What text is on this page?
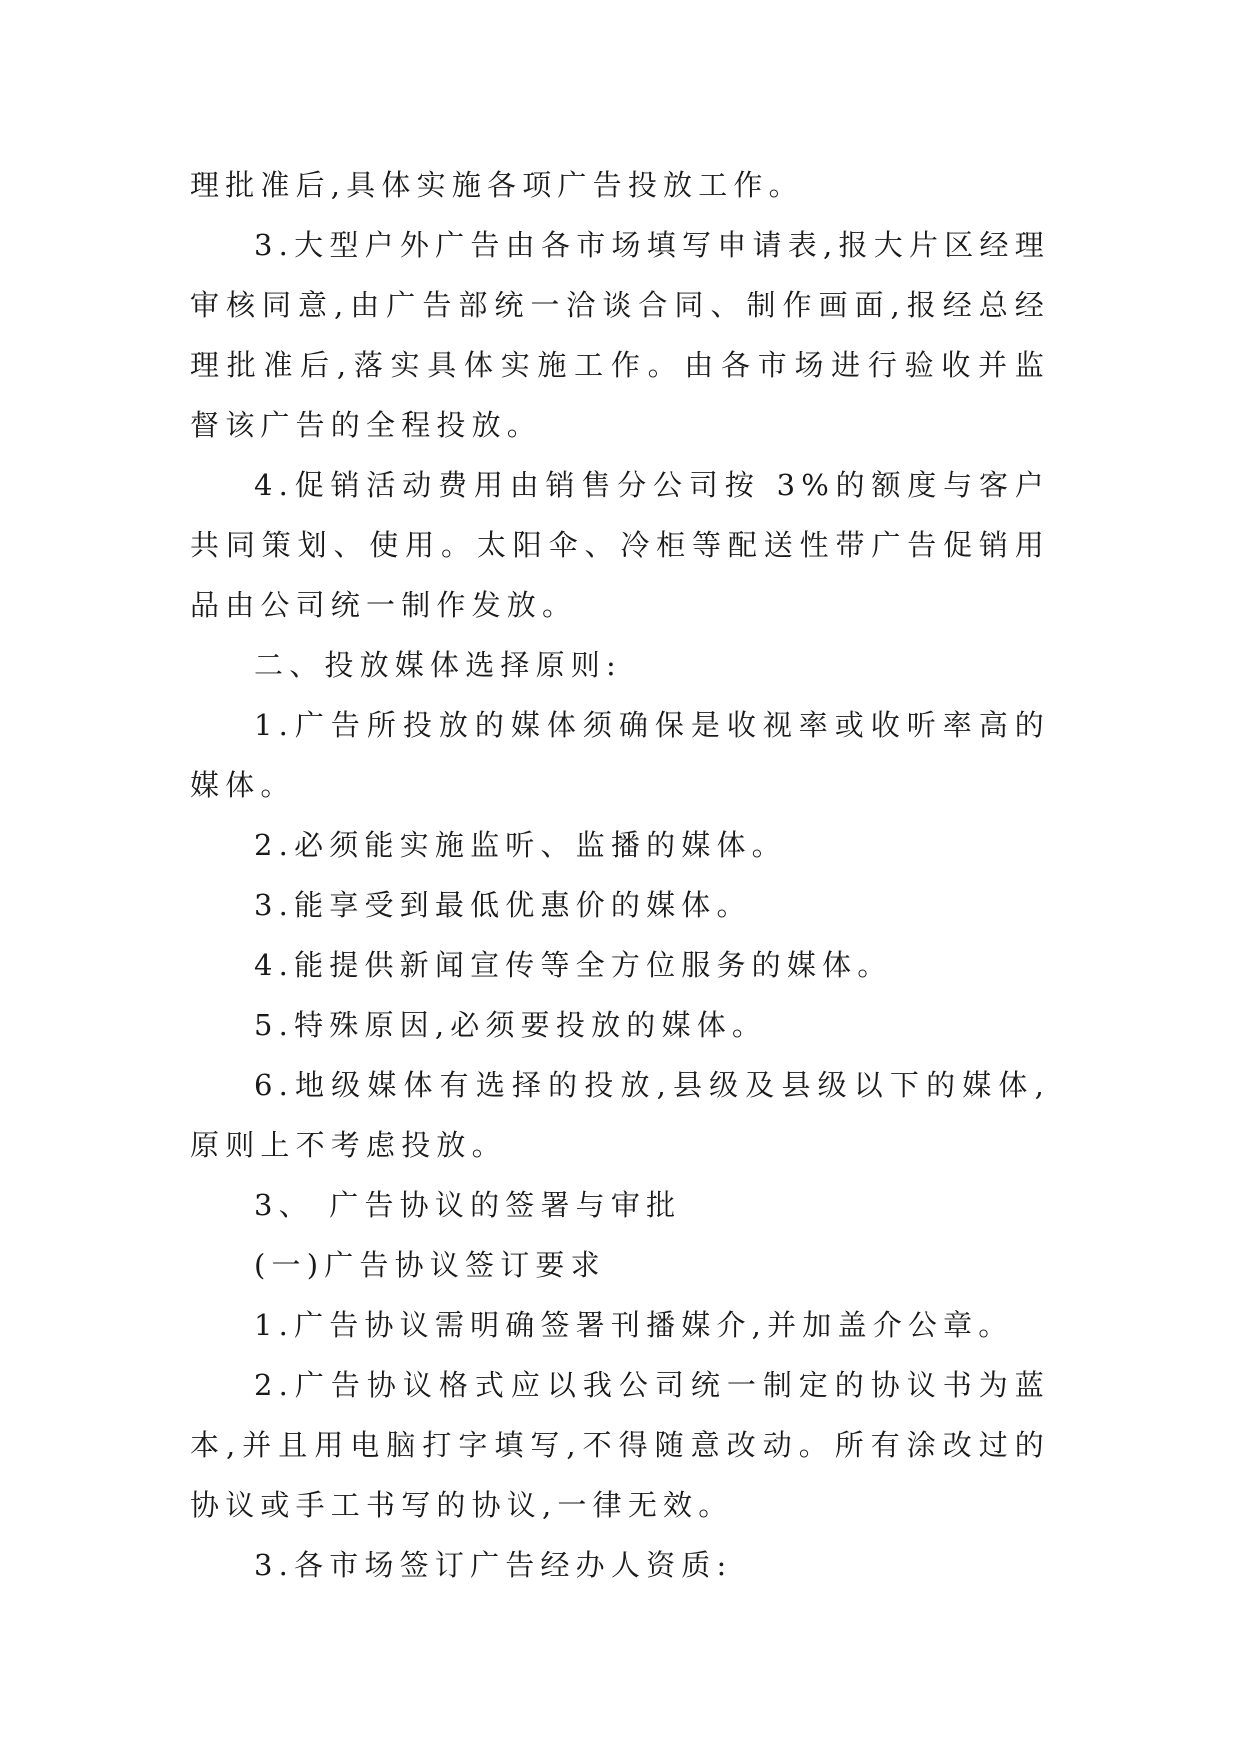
理批准后,具体实施各项广告投放工作。

3.大型户外广告由各市场填写申请表,报大片区经理审核同意,由广告部统一洽谈合同、制作画面,报经总经理批准后,落实具体实施工作。由各市场进行验收并监督该广告的全程投放。

4.促销活动费用由销售分公司按 3%的额度与客户共同策划、使用。太阳伞、冷柜等配送性带广告促销用品由公司统一制作发放。

二、投放媒体选择原则:

1.广告所投放的媒体须确保是收视率或收听率高的媒体。

2.必须能实施监听、监播的媒体。

3.能享受到最低优惠价的媒体。

4.能提供新闻宣传等全方位服务的媒体。

5.特殊原因,必须要投放的媒体。

6.地级媒体有选择的投放,县级及县级以下的媒体,原则上不考虑投放。

3、 广告协议的签署与审批

(一)广告协议签订要求

1.广告协议需明确签署刊播媒介,并加盖介公章。

2.广告协议格式应以我公司统一制定的协议书为蓝本,并且用电脑打字填写,不得随意改动。所有涂改过的协议或手工书写的协议,一律无效。

3.各市场签订广告经办人资质:
